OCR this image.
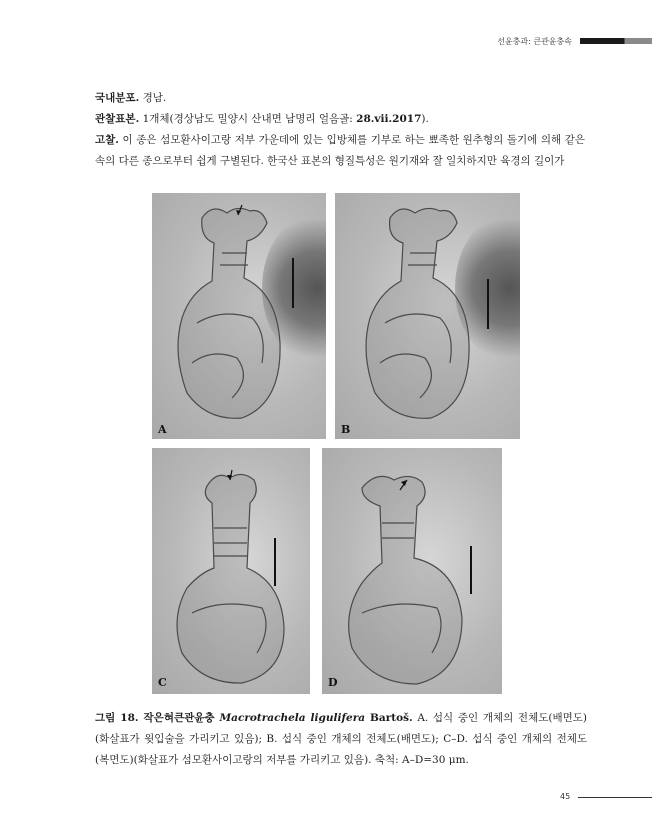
선윤충과: 큰관윤충속

국내분포. 경남.

관찰표본. 1개체(경상남도 밀양시 산내면 남명리 얼음골: 28.vii.2017).

고찰. 이 종은 섬모환사이고랑 저부 가운데에 있는 입방체를 기부로 하는 뾰족한 원추형의 돌기에 의해 같은 속의 다른 종으로부터 쉽게 구별된다. 한국산 표본의 형질특성은 원기재와 잘 일치하지만 육경의 길이가

A	B
C	D

그림 18. 작은혀큰관윤충 Macrotrachela ligulifera Bartoš. A. 섭식 중인 개체의 전체도(배면도) (화살표가 윗입술을 가리키고 있음); B. 섭식 중인 개체의 전체도(배면도); C–D. 섭식 중인 개체의 전체도(복면도)(화살표가 섬모환사이고랑의 저부를 가리키고 있음). 축척: A–D=30 μm.

45
